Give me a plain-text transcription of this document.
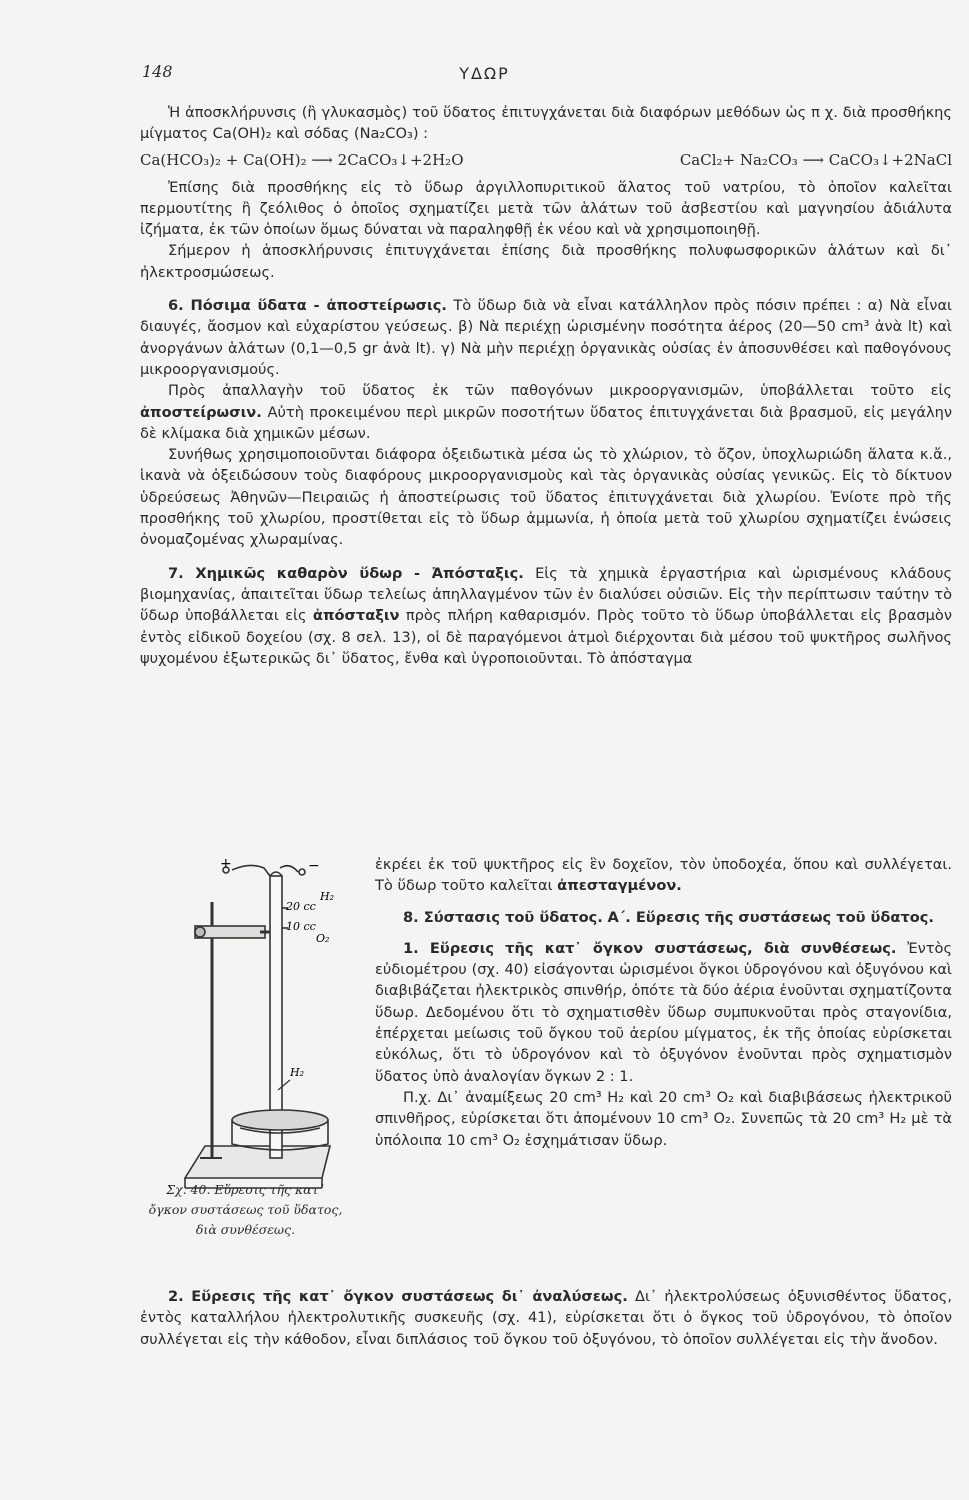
148	ΥΔΩΡ

Ἡ ἀποσκλήρυνσις (ἢ γλυκασμὸς) τοῦ ὕδατος ἐπιτυγχάνεται διὰ διαφόρων μεθόδων ὡς π χ. διὰ προσθήκης μίγματος Ca(OH)₂ καὶ σόδας (Na₂CO₃) :

Ca(HCO₃)₂ + Ca(OH)₂ ⟶ 2CaCO₃↓+2H₂O	CaCl₂+ Na₂CO₃ ⟶ CaCO₃↓+2NaCl

Ἐπίσης διὰ προσθήκης εἰς τὸ ὕδωρ ἀργιλλοπυριτικοῦ ἅλατος τοῦ νατρίου, τὸ ὁποῖον καλεῖται περμουτίτης ἢ ζεόλιθος ὁ ὁποῖος σχηματίζει μετὰ τῶν ἁλάτων τοῦ ἀσβεστίου καὶ μαγνησίου ἀδιάλυτα ἰζήματα, ἐκ τῶν ὁποίων ὅμως δύναται νὰ παραληφθῇ ἐκ νέου καὶ νὰ χρησιμοποιηθῇ.

Σήμερον ἡ ἀποσκλήρυνσις ἐπιτυγχάνεται ἐπίσης διὰ προσθήκης πολυφωσφορικῶν ἁλάτων καὶ δι᾽ ἠλεκτροσμώσεως.

6. Πόσιμα ὕδατα - ἀποστείρωσις. Τὸ ὕδωρ διὰ νὰ εἶναι κατάλληλον πρὸς πόσιν πρέπει : α) Νὰ εἶναι διαυγές, ἄοσμον καὶ εὐχαρίστου γεύσεως. β) Νὰ περιέχῃ ὡρισμένην ποσότητα ἀέρος (20—50 cm³ ἀνὰ lt) καὶ ἀνοργάνων ἁλάτων (0,1—0,5 gr ἀνὰ lt). γ) Νὰ μὴν περιέχῃ ὀργανικὰς οὐσίας ἐν ἀποσυνθέσει καὶ παθογόνους μικροοργανισμούς.

Πρὸς ἀπαλλαγὴν τοῦ ὕδατος ἐκ τῶν παθογόνων μικροοργανισμῶν, ὑποβάλλεται τοῦτο εἰς ἀποστείρωσιν. Αὐτὴ προκειμένου περὶ μικρῶν ποσοτήτων ὕδατος ἐπιτυγχάνεται διὰ βρασμοῦ, εἰς μεγάλην δὲ κλίμακα διὰ χημικῶν μέσων.

Συνήθως χρησιμοποιοῦνται διάφορα ὀξειδωτικὰ μέσα ὡς τὸ χλώριον, τὸ ὄζον, ὑποχλωριώδη ἅλατα κ.ἄ., ἱκανὰ νὰ ὀξειδώσουν τοὺς διαφόρους μικροοργανισμοὺς καὶ τὰς ὀργανικὰς οὐσίας γενικῶς. Εἰς τὸ δίκτυον ὑδρεύσεως Ἀθηνῶν—Πειραιῶς ἡ ἀποστείρωσις τοῦ ὕδατος ἐπιτυγχάνεται διὰ χλωρίου. Ἐνίοτε πρὸ τῆς προσθήκης τοῦ χλωρίου, προστίθεται εἰς τὸ ὕδωρ ἀμμωνία, ἡ ὁποία μετὰ τοῦ χλωρίου σχηματίζει ἑνώσεις ὀνομαζομένας χλωραμίνας.

7. Χημικῶς καθαρὸν ὕδωρ - Ἀπόσταξις. Εἰς τὰ χημικὰ ἐργαστήρια καὶ ὡρισμένους κλάδους βιομηχανίας, ἀπαιτεῖται ὕδωρ τελείως ἀπηλλαγμένον τῶν ἐν διαλύσει οὐσιῶν. Εἰς τὴν περίπτωσιν ταύτην τὸ ὕδωρ ὑποβάλλεται εἰς ἀπόσταξιν πρὸς πλήρη καθαρισμόν. Πρὸς τοῦτο τὸ ὕδωρ ὑποβάλλεται εἰς βρασμὸν ἐντὸς εἰδικοῦ δοχείου (σχ. 8 σελ. 13), οἱ δὲ παραγόμενοι ἀτμοὶ διέρχονται διὰ μέσου τοῦ ψυκτῆρος σωλῆνος ψυχομένου ἐξωτερικῶς δι᾽ ὕδατος, ἔνθα καὶ ὑγροποιοῦνται. Τὸ ἀπόσταγμα

+	−
20 cc
H₂
10 cc
O₂
H₂
Σχ. 40. Εὕρεσις τῆς κατ᾽
ὄγκον συστάσεως τοῦ ὕδατος, διὰ συνθέσεως.

ἐκρέει ἐκ τοῦ ψυκτῆρος εἰς ἓν δοχεῖον, τὸν ὑποδοχέα, ὅπου καὶ συλλέγεται. Τὸ ὕδωρ τοῦτο καλεῖται ἀπεσταγμένον.

8. Σύστασις τοῦ ὕδατος. Α΄. Εὕρεσις τῆς συστάσεως τοῦ ὕδατος.

1. Εὕρεσις τῆς κατ᾽ ὄγκον συστάσεως, διὰ συνθέσεως. Ἐντὸς εὐδιομέτρου (σχ. 40) εἰσάγονται ὡρισμένοι ὄγκοι ὑδρογόνου καὶ ὀξυγόνου καὶ διαβιβάζεται ἠλεκτρικὸς σπινθήρ, ὁπότε τὰ δύο ἀέρια ἑνοῦνται σχηματίζοντα ὕδωρ. Δεδομένου ὅτι τὸ σχηματισθὲν ὕδωρ συμπυκνοῦται πρὸς σταγονίδια, ἐπέρχεται μείωσις τοῦ ὄγκου τοῦ ἀερίου μίγματος, ἐκ τῆς ὁποίας εὑρίσκεται εὐκόλως, ὅτι τὸ ὑδρογόνον καὶ τὸ ὀξυγόνον ἑνοῦνται πρὸς σχηματισμὸν ὕδατος ὑπὸ ἀναλογίαν ὄγκων 2 : 1.

Π.χ. Δι᾽ ἀναμίξεως 20 cm³ H₂ καὶ 20 cm³ O₂ καὶ διαβιβάσεως ἠλεκτρικοῦ σπινθῆρος, εὑρίσκεται ὅτι ἀπομένουν 10 cm³ O₂. Συνεπῶς τὰ 20 cm³ H₂ μὲ τὰ ὑπόλοιπα 10 cm³ O₂ ἐσχημάτισαν ὕδωρ.

2. Εὕρεσις τῆς κατ᾽ ὄγκον συστάσεως δι᾽ ἀναλύσεως. Δι᾽ ἠλεκτρολύσεως ὀξυνισθέντος ὕδατος, ἐντὸς καταλλήλου ἠλεκτρολυτικῆς συσκευῆς (σχ. 41), εὑρίσκεται ὅτι ὁ ὄγκος τοῦ ὑδρογόνου, τὸ ὁποῖον συλλέγεται εἰς τὴν κάθοδον, εἶναι διπλάσιος τοῦ ὄγκου τοῦ ὀξυγόνου, τὸ ὁποῖον συλλέγεται εἰς τὴν ἄνοδον.
